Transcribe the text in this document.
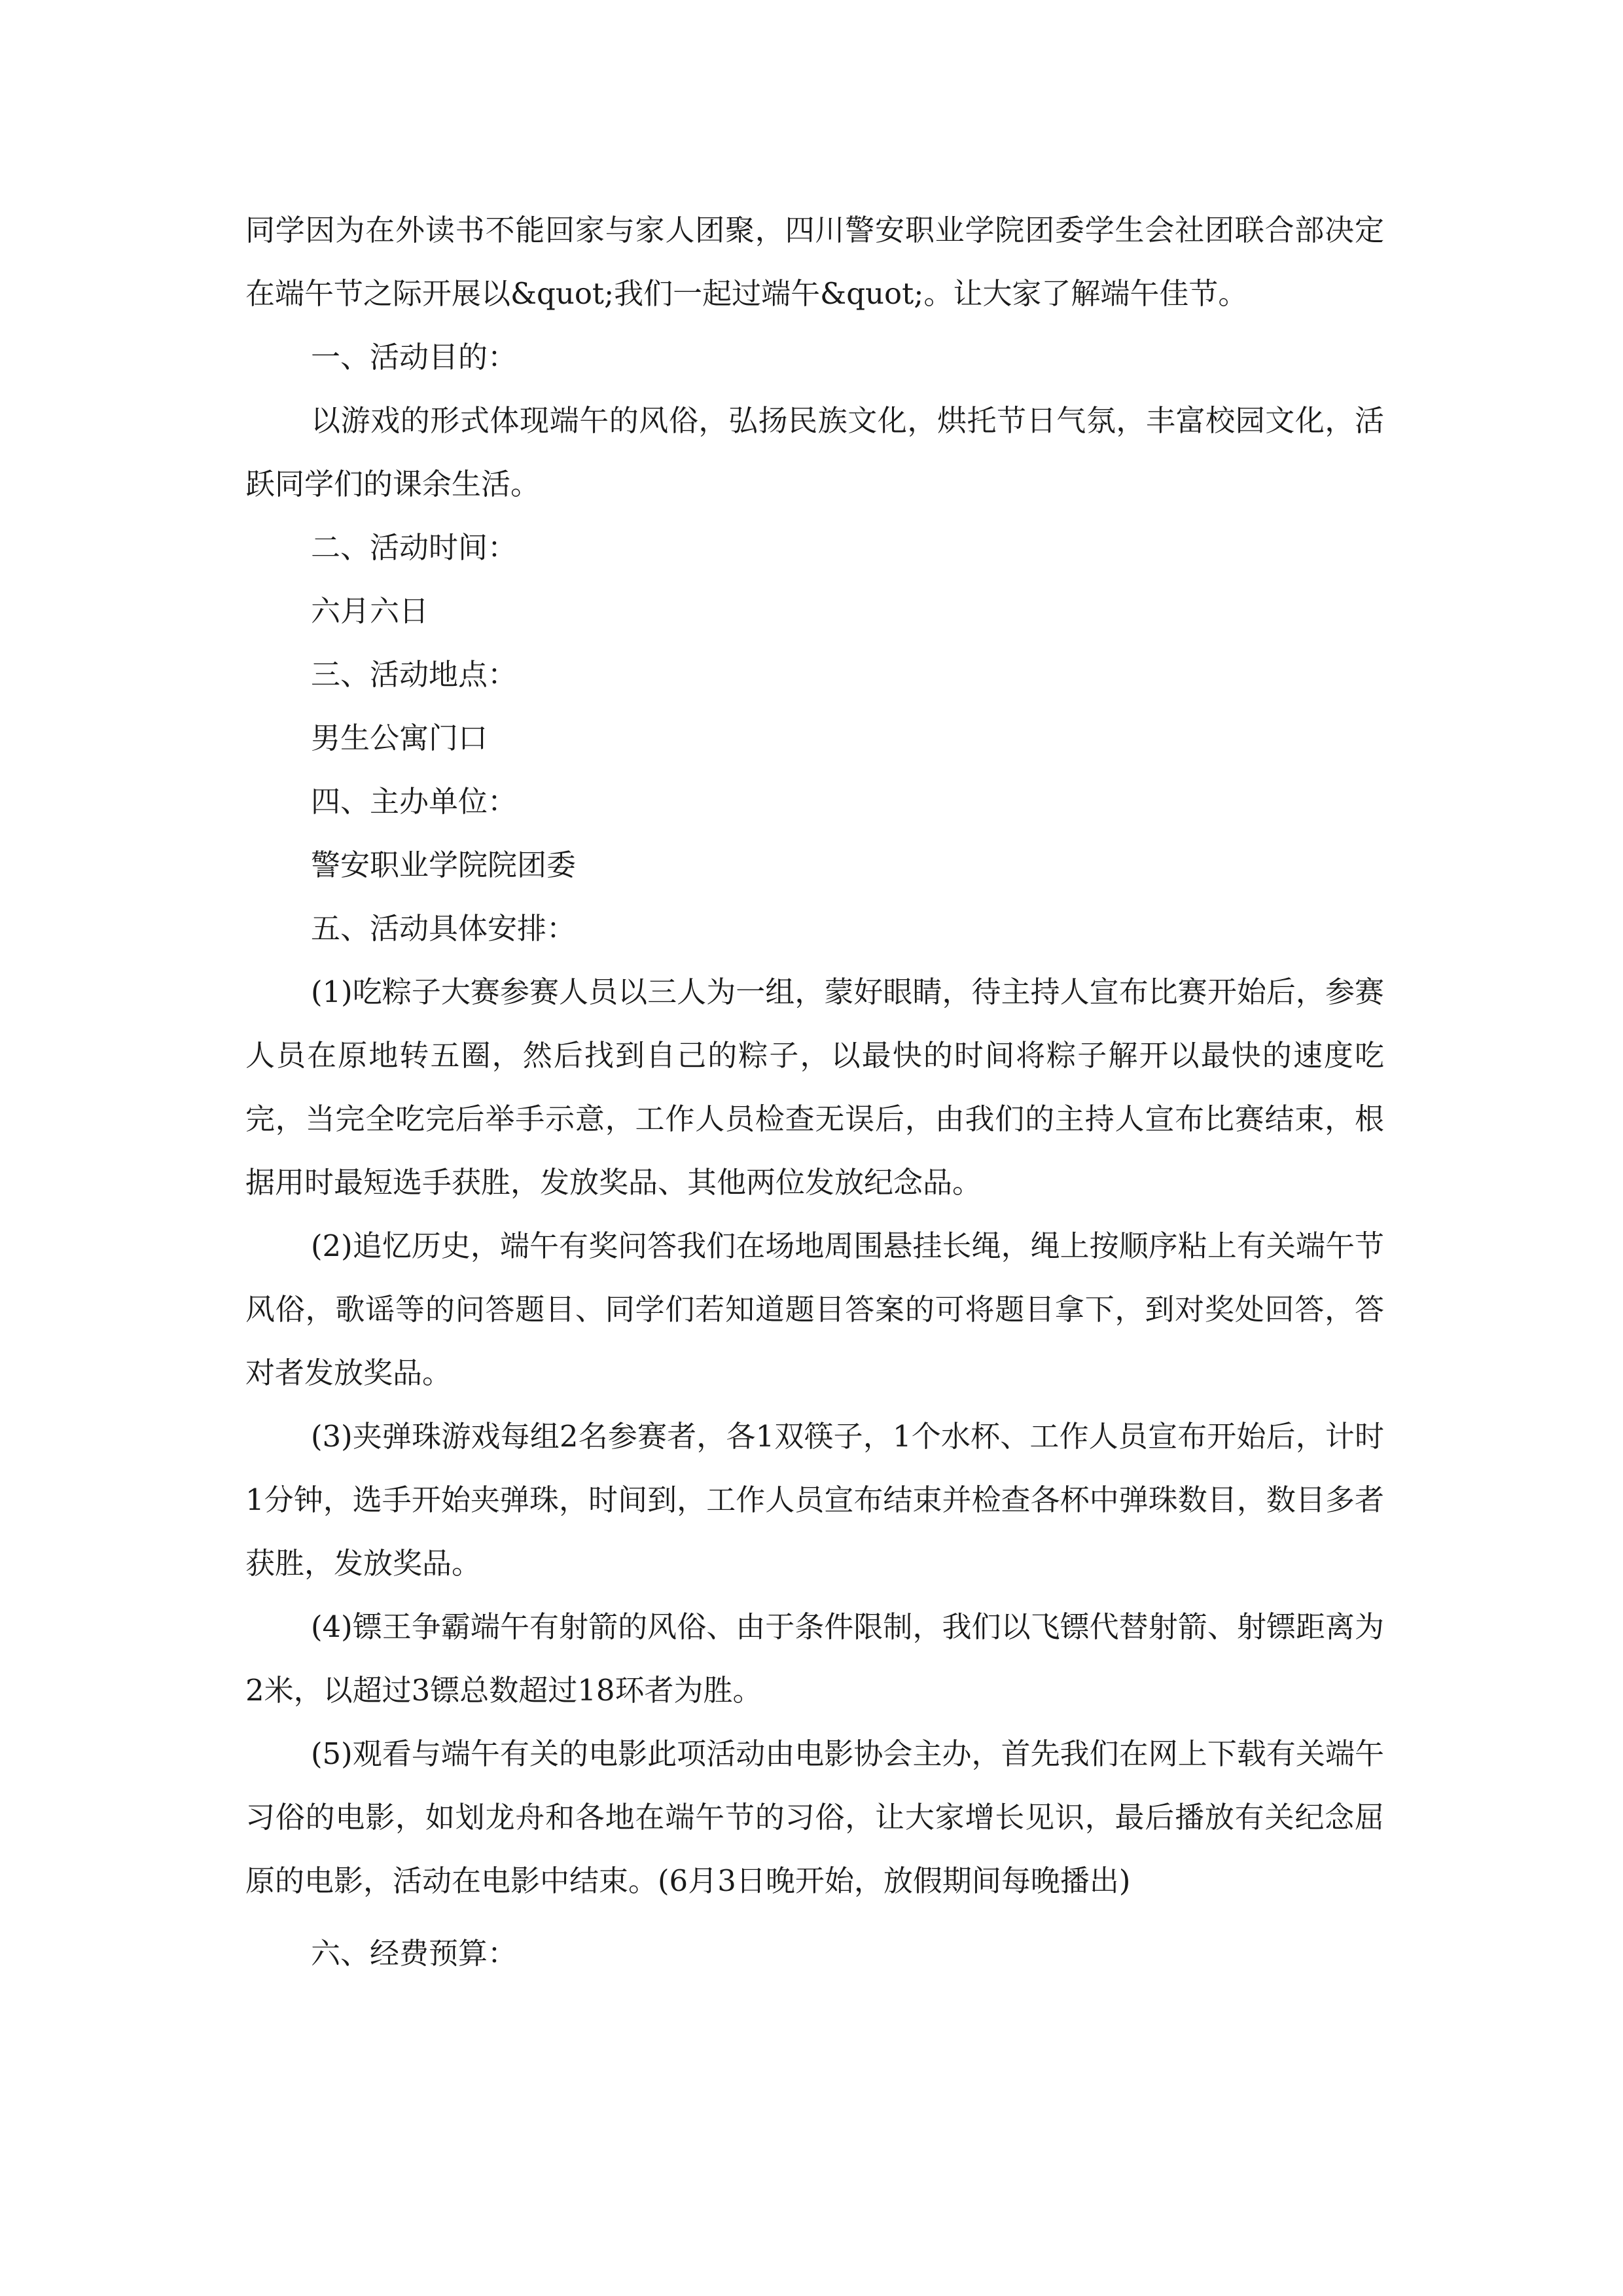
同学因为在外读书不能回家与家人团聚，四川警安职业学院团委学生会社团联合部决定在端午节之际开展以&quot;我们一起过端午&quot;。让大家了解端午佳节。

一、活动目的：

以游戏的形式体现端午的风俗，弘扬民族文化，烘托节日气氛，丰富校园文化，活跃同学们的课余生活。

二、活动时间：

六月六日

三、活动地点：

男生公寓门口

四、主办单位：

警安职业学院院团委

五、活动具体安排：

(1)吃粽子大赛参赛人员以三人为一组，蒙好眼睛，待主持人宣布比赛开始后，参赛人员在原地转五圈，然后找到自己的粽子，以最快的时间将粽子解开以最快的速度吃完，当完全吃完后举手示意，工作人员检查无误后，由我们的主持人宣布比赛结束，根据用时最短选手获胜，发放奖品、其他两位发放纪念品。

(2)追忆历史，端午有奖问答我们在场地周围悬挂长绳，绳上按顺序粘上有关端午节风俗，歌谣等的问答题目、同学们若知道题目答案的可将题目拿下，到对奖处回答，答对者发放奖品。

(3)夹弹珠游戏每组2名参赛者，各1双筷子，1个水杯、工作人员宣布开始后，计时1分钟，选手开始夹弹珠，时间到，工作人员宣布结束并检查各杯中弹珠数目，数目多者获胜，发放奖品。

(4)镖王争霸端午有射箭的风俗、由于条件限制，我们以飞镖代替射箭、射镖距离为2米，以超过3镖总数超过18环者为胜。

(5)观看与端午有关的电影此项活动由电影协会主办，首先我们在网上下载有关端午习俗的电影，如划龙舟和各地在端午节的习俗，让大家增长见识，最后播放有关纪念屈原的电影，活动在电影中结束。(6月3日晚开始，放假期间每晚播出)

六、经费预算：
